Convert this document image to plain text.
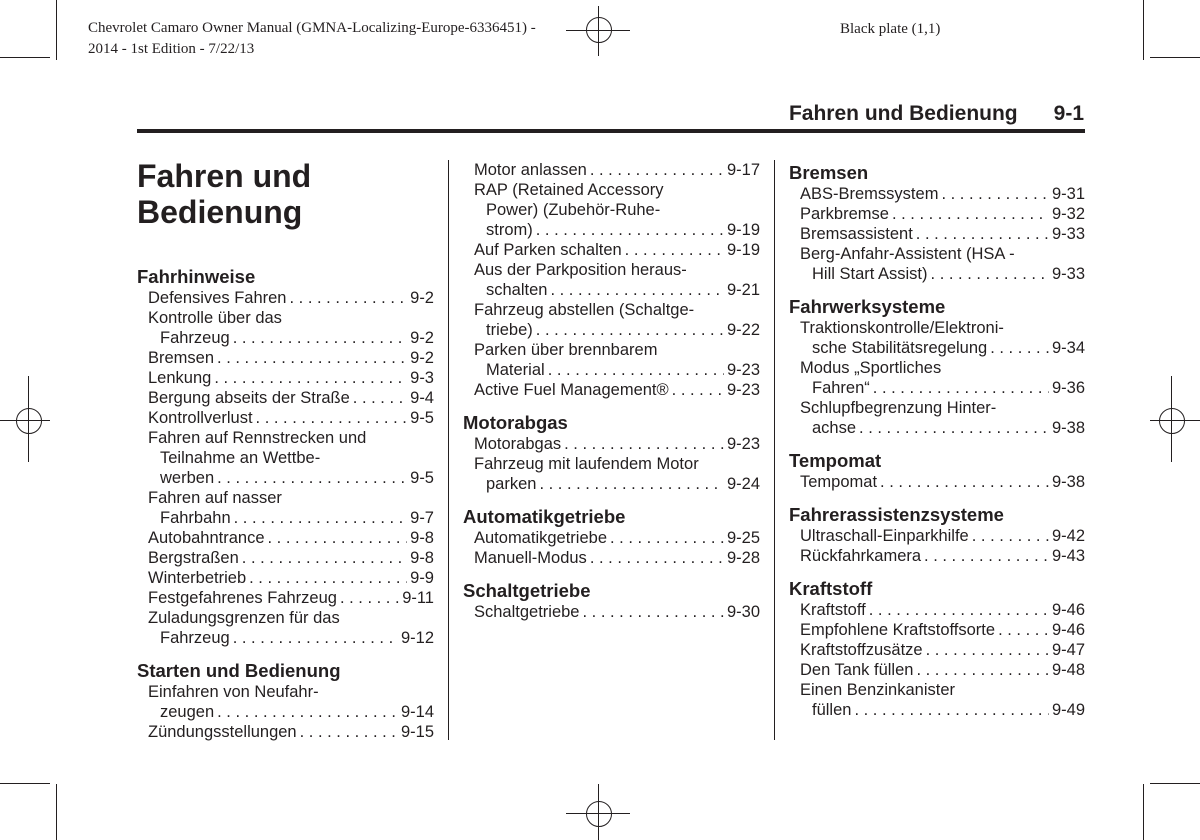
Chevrolet Camaro Owner Manual (GMNA-Localizing-Europe-6336451) -
2014 - 1st Edition - 7/22/13
Black plate (1,1)
Fahren und Bedienung 9-1
Fahren und Bedienung
Fahrhinweise
Defensives Fahren . . .	9-2
Kontrolle über das
Fahrzeug . . .	9-2
Bremsen . . .	9-2
Lenkung . . .	9-3
Bergung abseits der Straße . . .	9-4
Kontrollverlust . . .	9-5
Fahren auf Rennstrecken und
Teilnahme an Wettbe-
werben . . .	9-5
Fahren auf nasser
Fahrbahn . . .	9-7
Autobahntrance . . .	9-8
Bergstraßen . . .	9-8
Winterbetrieb . . .	9-9
Festgefahrenes Fahrzeug . . .	9-11
Zuladungsgrenzen für das
Fahrzeug . . .	9-12
Starten und Bedienung
Einfahren von Neufahr-
zeugen . . .	9-14
Zündungsstellungen . . .	9-15
Motor anlassen . . .	9-17
RAP (Retained Accessory
Power) (Zubehör-Ruhe-
strom) . . .	9-19
Auf Parken schalten . . .	9-19
Aus der Parkposition heraus-
schalten . . .	9-21
Fahrzeug abstellen (Schaltge-
triebe) . . .	9-22
Parken über brennbarem
Material . . .	9-23
Active Fuel Management® . . .	9-23
Motorabgas
Motorabgas . . .	9-23
Fahrzeug mit laufendem Motor
parken . . .	9-24
Automatikgetriebe
Automatikgetriebe . . .	9-25
Manuell-Modus . . .	9-28
Schaltgetriebe
Schaltgetriebe . . .	9-30
Bremsen
ABS-Bremssystem . . .	9-31
Parkbremse . . .	9-32
Bremsassistent . . .	9-33
Berg-Anfahr-Assistent (HSA -
Hill Start Assist) . . .	9-33
Fahrwerksysteme
Traktionskontrolle/Elektroni-
sche Stabilitätsregelung . . .	9-34
Modus „Sportliches
Fahren“ . . .	9-36
Schlupfbegrenzung Hinter-
achse . . .	9-38
Tempomat
Tempomat . . .	9-38
Fahrerassistenzsysteme
Ultraschall-Einparkhilfe . . .	9-42
Rückfahrkamera . . .	9-43
Kraftstoff
Kraftstoff . . .	9-46
Empfohlene Kraftstoffsorte . . .	9-46
Kraftstoffzusätze . . .	9-47
Den Tank füllen . . .	9-48
Einen Benzinkanister
füllen . . .	9-49
